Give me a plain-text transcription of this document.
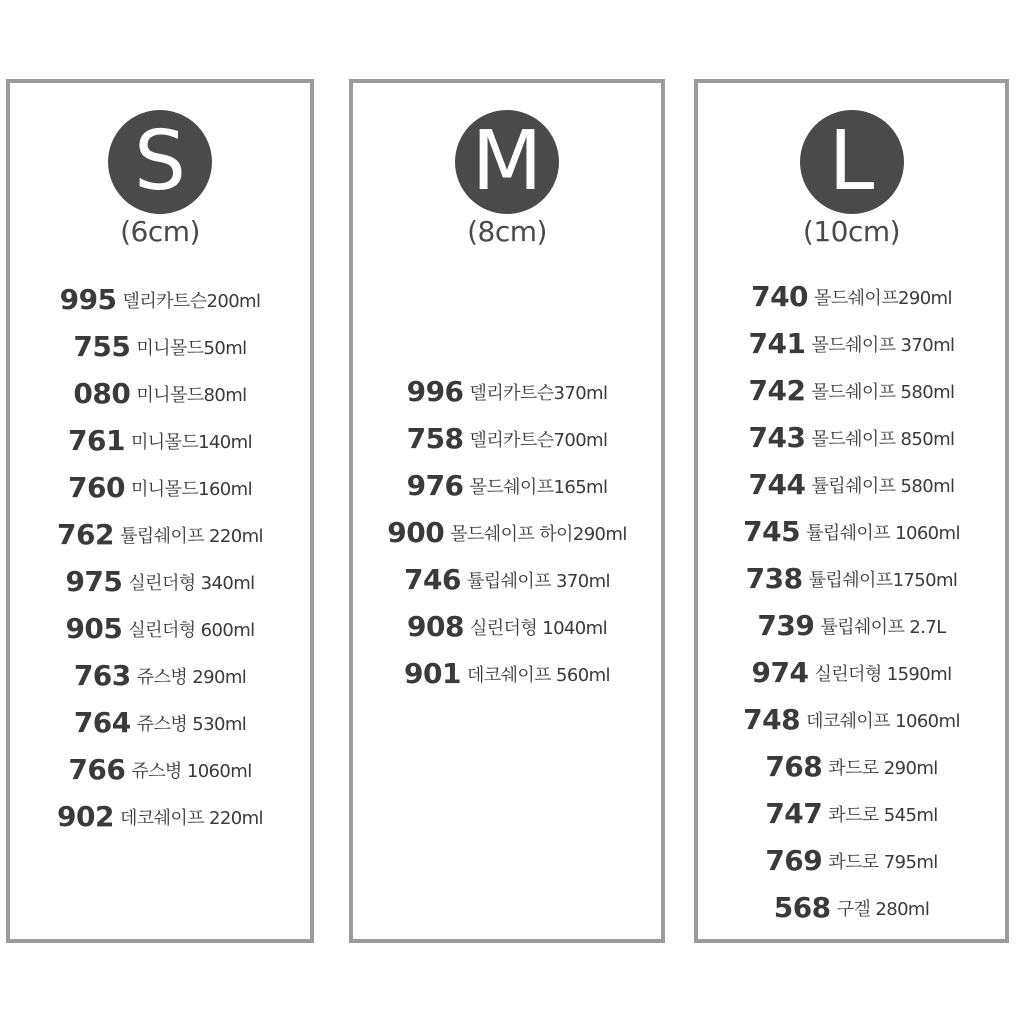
S
(6cm)
995 델리카트슨200ml
755 미니몰드50ml
080 미니몰드80ml
761 미니몰드140ml
760 미니몰드160ml
762 튤립쉐이프 220ml
975 실린더형 340ml
905 실린더형 600ml
763 쥬스병 290ml
764 쥬스병 530ml
766 쥬스병 1060ml
902 데코쉐이프 220ml
M
(8cm)
996 델리카트슨370ml
758 델리카트슨700ml
976 몰드쉐이프165ml
900 몰드쉐이프 하이290ml
746 튤립쉐이프 370ml
908 실린더형 1040ml
901 데코쉐이프 560ml
L
(10cm)
740 몰드쉐이프290ml
741 몰드쉐이프 370ml
742 몰드쉐이프 580ml
743 몰드쉐이프 850ml
744 튤립쉐이프 580ml
745 튤립쉐이프 1060ml
738 튤립쉐이프1750ml
739 튤립쉐이프 2.7L
974 실린더형 1590ml
748 데코쉐이프 1060ml
768 콰드로 290ml
747 콰드로 545ml
769 콰드로 795ml
568 구겔 280ml
